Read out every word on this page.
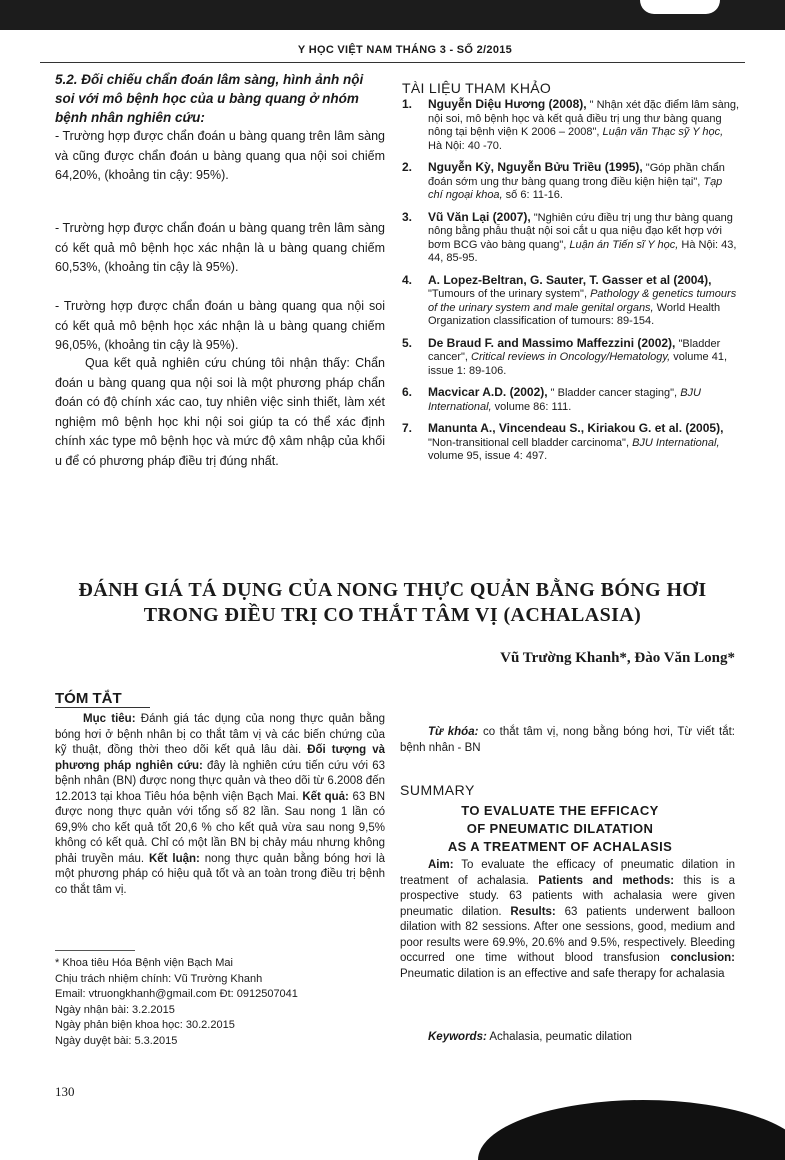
Y HỌC VIỆT NAM THÁNG 3 - SỐ 2/2015
5.2. Đối chiếu chẩn đoán lâm sàng, hình ảnh nội soi với mô bệnh học của u bàng quang ở nhóm bệnh nhân nghiên cứu:
- Trường hợp được chẩn đoán u bàng quang trên lâm sàng và cũng được chẩn đoán u bàng quang qua nội soi chiếm 64,20%, (khoảng tin cậy: 95%).
- Trường hợp được chẩn đoán u bàng quang trên lâm sàng có kết quả mô bệnh học xác nhận là u bàng quang chiếm 60,53%, (khoảng tin cậy là 95%).
- Trường hợp được chẩn đoán u bàng quang qua nội soi có kết quả mô bệnh học xác nhận là u bàng quang chiếm 96,05%, (khoảng tin cậy là 95%).
Qua kết quả nghiên cứu chúng tôi nhận thấy: Chẩn đoán u bàng quang qua nội soi là một phương pháp chẩn đoán có độ chính xác cao, tuy nhiên việc sinh thiết, làm xét nghiệm mô bệnh học khi nội soi giúp ta có thể xác định chính xác type mô bệnh học và mức độ xâm nhập của khối u để có phương pháp điều trị đúng nhất.
TÀI LIỆU THAM KHẢO
1. Nguyễn Diệu Hương (2008), " Nhận xét đặc điểm lâm sàng, nội soi, mô bệnh học và kết quả điều trị ung thư bàng quang nông tại bệnh viện K 2006 – 2008", Luận văn Thạc sỹ Y học, Hà Nội: 40 -70.
2. Nguyễn Kỳ, Nguyễn Bửu Triều (1995), "Góp phần chẩn đoán sớm ung thư bàng quang trong điều kiện hiện tại", Tạp chí ngoại khoa, số 6: 11-16.
3. Vũ Văn Lại (2007), "Nghiên cứu điều trị ung thư bàng quang nông bằng phẫu thuật nội soi cắt u qua niệu đạo kết hợp với bơm BCG vào bàng quang", Luận án Tiến sĩ Y học, Hà Nội: 43, 44, 85-95.
4. A. Lopez-Beltran, G. Sauter, T. Gasser et al (2004), "Tumours of the urinary system", Pathology & genetics tumours of the urinary system and male genital organs, World Health Organization classification of tumours: 89-154.
5. De Braud F. and Massimo Maffezzini (2002), "Bladder cancer", Critical reviews in Oncology/Hematology, volume 41, issue 1: 89-106.
6. Macvicar A.D. (2002), " Bladder cancer staging", BJU International, volume 86: 111.
7. Manunta A., Vincendeau S., Kiriakou G. et al. (2005), "Non-transitional cell bladder carcinoma", BJU International, volume 95, issue 4: 497.
ĐÁNH GIÁ TÁ DỤNG CỦA NONG THỰC QUẢN BẰNG BÓNG HƠI
TRONG ĐIỀU TRỊ CO THẮT TÂM VỊ (ACHALASIA)
Vũ Trường Khanh*, Đào Văn Long*
TÓM TẮT
Mục tiêu: Đánh giá tác dụng của nong thực quản bằng bóng hơi ở bệnh nhân bị co thắt tâm vị và các biến chứng của kỹ thuật, đồng thời theo dõi kết quả lâu dài. Đối tượng và phương pháp nghiên cứu: đây là nghiên cứu tiến cứu với 63 bệnh nhân (BN) được nong thực quản và theo dõi từ 6.2008 đến 12.2013 tại khoa Tiêu hóa bệnh viện Bạch Mai. Kết quả: 63 BN được nong thực quản với tổng số 82 lần. Sau nong 1 lần có 69,9% cho kết quả tốt 20,6 % cho kết quả vừa sau nong 9,5% không có kết quả. Chỉ có một lần BN bị chảy máu nhưng không phải truyền máu. Kết luận: nong thực quản bằng bóng hơi là một phương pháp có hiệu quả tốt và an toàn trong điều trị bệnh co thắt tâm vị.
Từ khóa: co thắt tâm vị, nong bằng bóng hơi, Từ viết tắt: bệnh nhân - BN
* Khoa tiêu Hóa Bệnh viện Bạch Mai
Chịu trách nhiệm chính: Vũ Trường Khanh
Email: vtruongkhanh@gmail.com Đt: 0912507041
Ngày nhận bài: 3.2.2015
Ngày phản biện khoa học: 30.2.2015
Ngày duyệt bài: 5.3.2015
SUMMARY
TO EVALUATE THE EFFICACY
OF PNEUMATIC DILATATION
AS A TREATMENT OF ACHALASIS
Aim: To evaluate the efficacy of pneumatic dilation in treatment of achalasia. Patients and methods: this is a prospective study. 63 patients with achalasia were given pneumatic dilation. Results: 63 patients underwent balloon dilation with 82 sessions. After one sessions, good, medium and poor results were 69.9%, 20.6% and 9.5%, respectively. Bleeding occurred one time without blood transfusion conclusion: Pneumatic dilation is an effective and safe therapy for achalasia
Keywords: Achalasia, peumatic dilation
130
